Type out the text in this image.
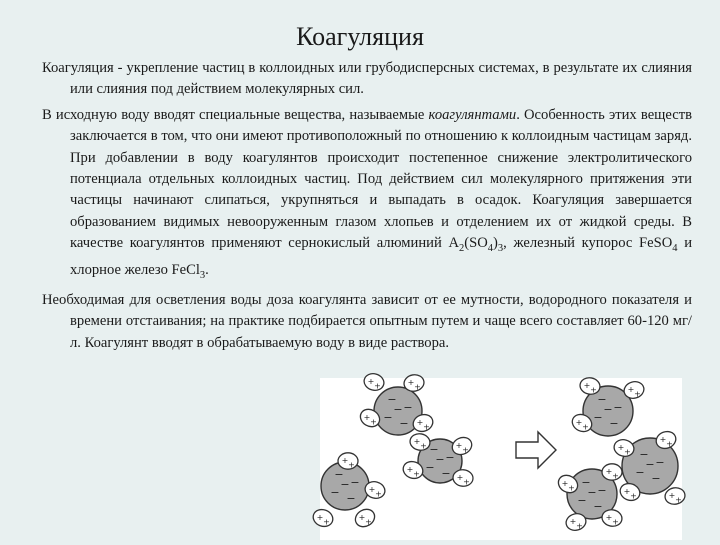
Коагуляция

Коагуляция - укрепление частиц в коллоидных или грубодисперсных системах, в результате их слияния или слияния под действием молекулярных сил.

В исходную воду вводят специальные вещества, называемые коагулянтами. Особенность этих веществ заключается в том, что они имеют противоположный по отношению к коллоидным частицам заряд. При добавлении в воду коагулянтов происходит постепенное снижение электролитического потенциала отдельных коллоидных частиц. Под действием сил молекулярного притяжения эти частицы начинают слипаться, укрупняться и выпадать в осадок. Коагуляция завершается образованием видимых невооруженным глазом хлопьев и отделением их от жидкой среды. В качестве коагулянтов применяют сернокислый алюминий $A_2(SO_4)_3$, железный купорос FeSO$_4$ и хлорное железо FeCl$_3$.

Необходимая для осветления воды доза коагулянта зависит от ее мутности, водородного показателя и времени отстаивания; на практике подбирается опытным путем и чаще всего составляет 60-120 мг/л. Коагулянт вводят в обрабатываемую воду в виде раствора.

−
−
− −
−
+ +	+ +
+ +	+ +
−
−
− −
−
+ +	+ +
+ +	+ +
−
−
− −
−
+ +
+ +
+ +
+ +
−
−
− −
−
+ +	+ +
+ +
−
−
− −
−
+ +
+ +
+ +	+ +
−
−
− −
−
+ +
+ +
+ +
+ +
